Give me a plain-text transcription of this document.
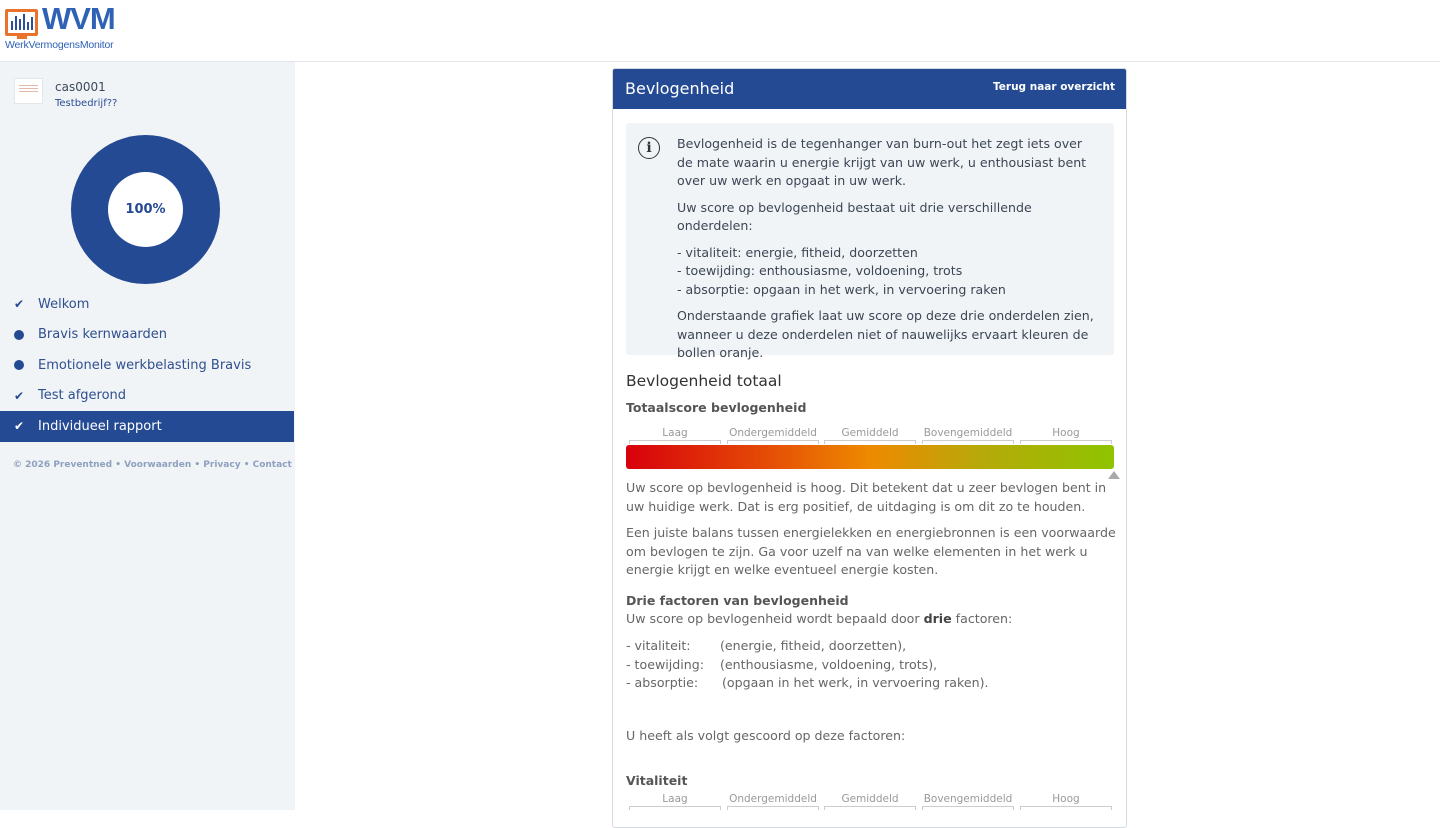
WVM
WerkVermogensMonitor
cas0001
Testbedrijf??
100%
✔ Welkom
Bravis kernwaarden
Emotionele werkbelasting Bravis
✔ Test afgerond
✔ Individueel rapport
© 2026 Preventned • Voorwaarden • Privacy • Contact
Bevlogenheid	Terug naar overzicht
i	Bevlogenheid is de tegenhanger van burn-out het zegt iets over de mate waarin u energie krijgt van uw werk, u enthousiast bent over uw werk en opgaat in uw werk.

Uw score op bevlogenheid bestaat uit drie verschillende onderdelen:

- vitaliteit: energie, fitheid, doorzetten
- toewijding: enthousiasme, voldoening, trots
- absorptie: opgaan in het werk, in vervoering raken

Onderstaande grafiek laat uw score op deze drie onderdelen zien, wanneer u deze onderdelen niet of nauwelijks ervaart kleuren de bollen oranje.

Bevlogenheid totaal
Totaalscore bevlogenheid
Laag	Ondergemiddeld	Gemiddeld	Bovengemiddeld	Hoog
Uw score op bevlogenheid is hoog. Dit betekent dat u zeer bevlogen bent in uw huidige werk. Dat is erg positief, de uitdaging is om dit zo te houden.
Een juiste balans tussen energielekken en energiebronnen is een voorwaarde om bevlogen te zijn. Ga voor uzelf na van welke elementen in het werk u energie krijgt en welke eventueel energie kosten.
Drie factoren van bevlogenheid
Uw score op bevlogenheid wordt bepaald door drie factoren:
- vitaliteit: (energie, fitheid, doorzetten),
- toewijding: (enthousiasme, voldoening, trots),
- absorptie: (opgaan in het werk, in vervoering raken).
U heeft als volgt gescoord op deze factoren:
Vitaliteit
Laag	Ondergemiddeld	Gemiddeld	Bovengemiddeld	Hoog
